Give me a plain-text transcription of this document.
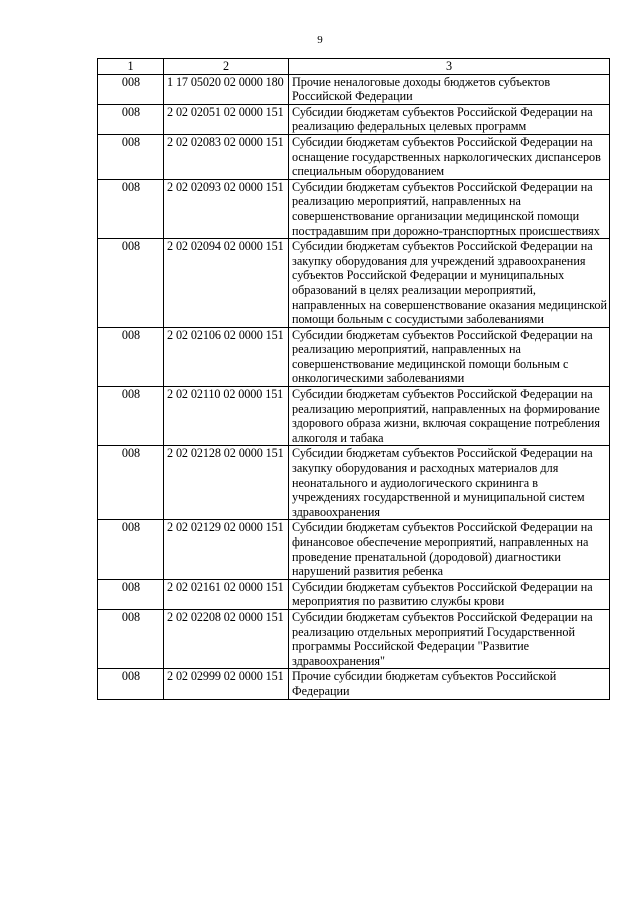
9
1	2	3
008	1 17 05020 02 0000 180	Прочие неналоговые доходы бюджетов субъектов Российской Федерации
008	2 02 02051 02 0000 151	Субсидии бюджетам субъектов Российской Федерации на реализацию федеральных целевых программ
008	2 02 02083 02 0000 151	Субсидии бюджетам субъектов Российской Федерации на оснащение государственных наркологических диспансеров специальным оборудованием
008	2 02 02093 02 0000 151	Субсидии бюджетам субъектов Российской Федерации на реализацию мероприятий, направленных на совершенствование организации медицинской помощи пострадавшим при дорожно-транспортных происшествиях
008	2 02 02094 02 0000 151	Субсидии бюджетам субъектов Российской Федерации на закупку оборудования для учреждений здравоохранения субъектов Российской Федерации и муниципальных образований в целях реализации мероприятий, направленных на совершенствование оказания медицинской помощи больным с сосудистыми заболеваниями
008	2 02 02106 02 0000 151	Субсидии бюджетам субъектов Российской Федерации на реализацию мероприятий, направленных на совершенствование медицинской помощи больным с онкологическими заболеваниями
008	2 02 02110 02 0000 151	Субсидии бюджетам субъектов Российской Федерации на реализацию мероприятий, направленных на формирование здорового образа жизни, включая сокращение потребления алкоголя и табака
008	2 02 02128 02 0000 151	Субсидии бюджетам субъектов Российской Федерации на закупку оборудования и расходных материалов для неонатального и аудиологического скрининга в учреждениях государственной и муниципальной систем здравоохранения
008	2 02 02129 02 0000 151	Субсидии бюджетам субъектов Российской Федерации на финансовое обеспечение мероприятий, направленных на проведение пренатальной (дородовой) диагностики нарушений развития ребенка
008	2 02 02161 02 0000 151	Субсидии бюджетам субъектов Российской Федерации на мероприятия по развитию службы крови
008	2 02 02208 02 0000 151	Субсидии бюджетам субъектов Российской Федерации на реализацию отдельных мероприятий Государственной программы Российской Федерации "Развитие здравоохранения"
008	2 02 02999 02 0000 151	Прочие субсидии бюджетам субъектов Российской Федерации
